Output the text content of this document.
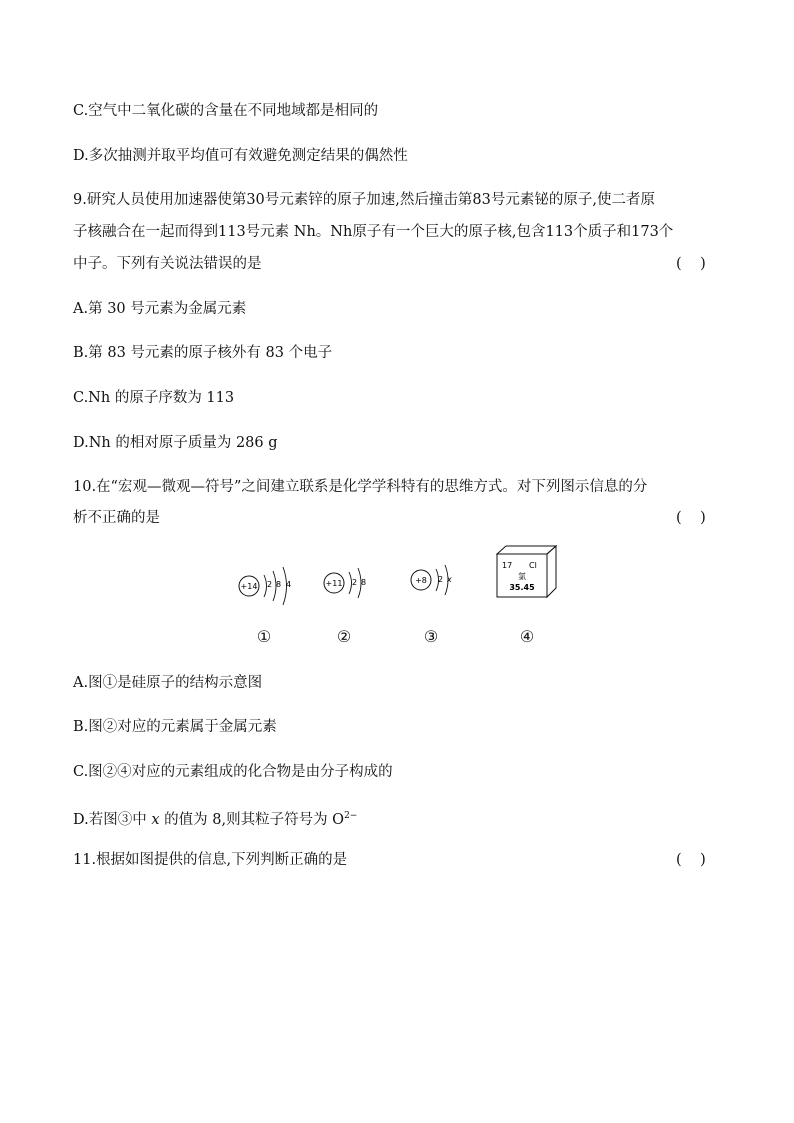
C.空气中二氧化碳的含量在不同地域都是相同的
D.多次抽测并取平均值可有效避免测定结果的偶然性
9.研究人员使用加速器使第30号元素锌的原子加速,然后撞击第83号元素铋的原子,使二者原
子核融合在一起而得到113号元素 Nh。Nh原子有一个巨大的原子核,包含113个质子和173个
中子。下列有关说法错误的是	(    )
A.第 30 号元素为金属元素
B.第 83 号元素的原子核外有 83 个电子
C.Nh 的原子序数为 113
D.Nh 的相对原子质量为 286 g
10.在“宏观—微观—符号”之间建立联系是化学学科特有的思维方式。对下列图示信息的分
析不正确的是	(    )
+14 2 8 4	+11 2 8	+8 2 x
17 Cl
氯
35.45
①	②	③	④
A.图①是硅原子的结构示意图
B.图②对应的元素属于金属元素
C.图②④对应的元素组成的化合物是由分子构成的
D.若图③中 x 的值为 8,则其粒子符号为 $O^{2-}$
11.根据如图提供的信息,下列判断正确的是	(    )
